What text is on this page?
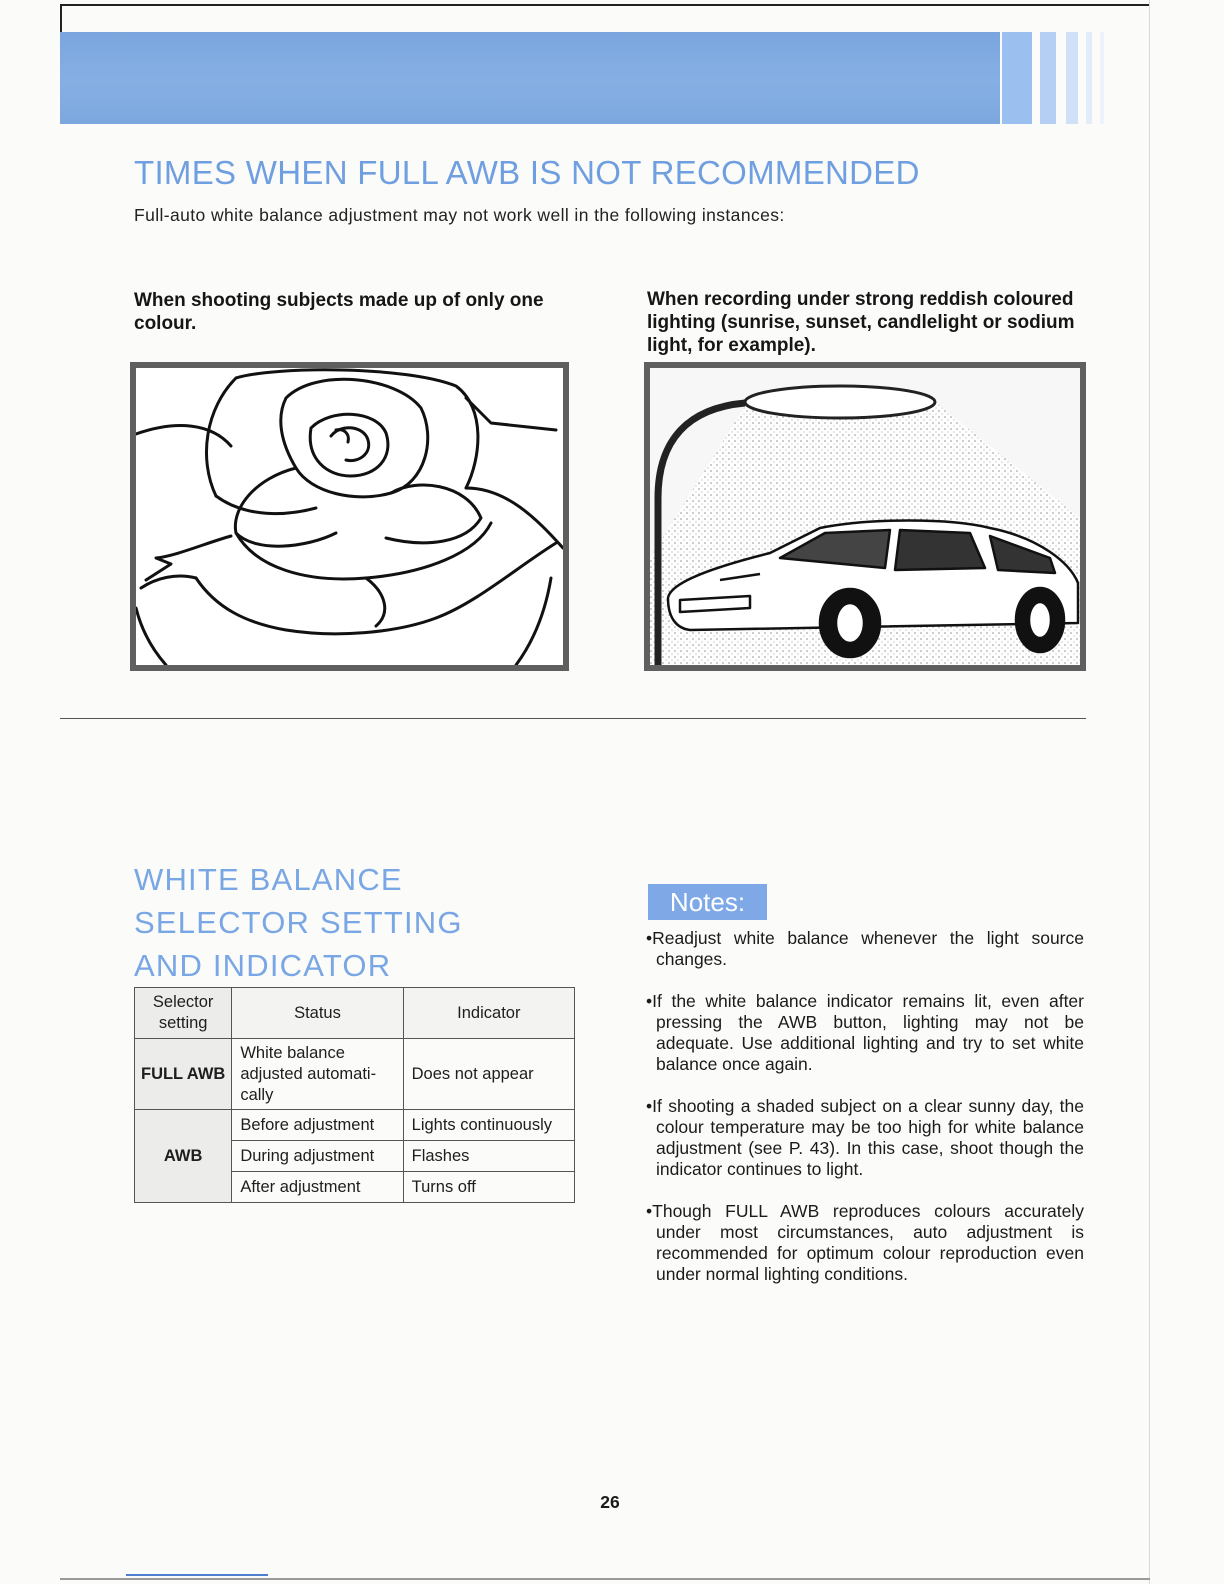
TIMES WHEN FULL AWB IS NOT RECOMMENDED

Full-auto white balance adjustment may not work well in the following instances:

When shooting subjects made up of only one colour.

When recording under strong reddish coloured lighting (sunrise, sunset, candlelight or sodium light, for example).

WHITE BALANCE
SELECTOR SETTING
AND INDICATOR
Selector setting	Status	Indicator
FULL AWB	White balance adjusted automati-cally	Does not appear
AWB	Before adjustment	Lights continuously
	During adjustment	Flashes
	After adjustment	Turns off
Notes:
• Readjust white balance whenever the light source changes.
• If the white balance indicator remains lit, even after pressing the AWB button, lighting may not be adequate. Use additional lighting and try to set white balance once again.
• If shooting a shaded subject on a clear sunny day, the colour temperature may be too high for white balance adjustment (see P. 43). In this case, shoot though the indicator continues to light.
• Though FULL AWB reproduces colours accurately under most circumstances, auto adjustment is recommended for optimum colour reproduction even under normal lighting conditions.

26
